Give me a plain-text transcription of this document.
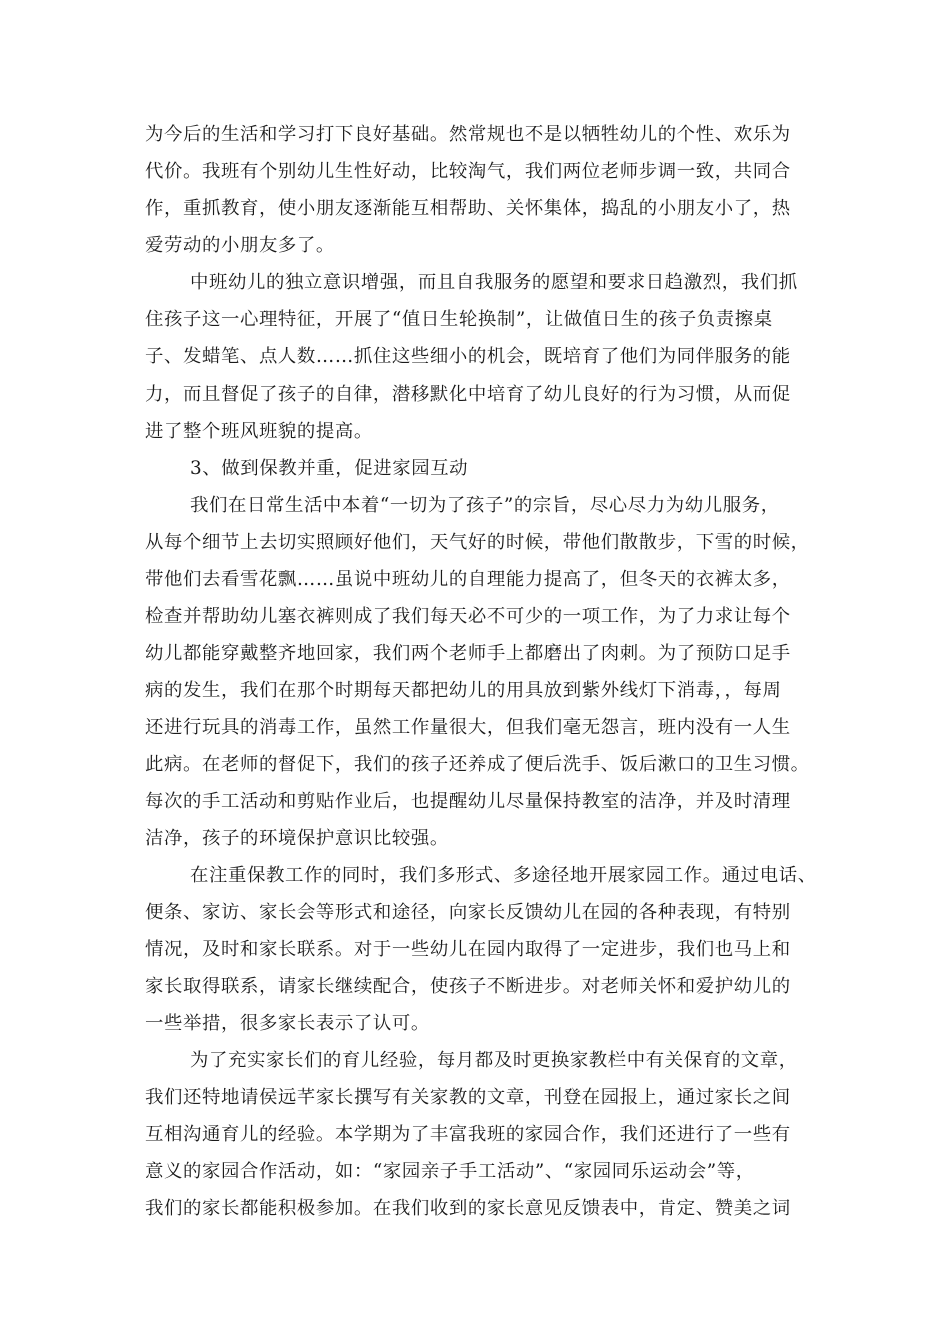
为今后的生活和学习打下良好基础。然常规也不是以牺牲幼儿的个性、欢乐为
代价。我班有个别幼儿生性好动，比较淘气，我们两位老师步调一致，共同合
作，重抓教育，使小朋友逐渐能互相帮助、关怀集体，捣乱的小朋友小了，热
爱劳动的小朋友多了。
中班幼儿的独立意识增强，而且自我服务的愿望和要求日趋激烈，我们抓
住孩子这一心理特征，开展了“值日生轮换制”，让做值日生的孩子负责擦桌
子、发蜡笔、点人数……抓住这些细小的机会，既培育了他们为同伴服务的能
力，而且督促了孩子的自律，潜移默化中培育了幼儿良好的行为习惯，从而促
进了整个班风班貌的提高。
3、做到保教并重，促进家园互动
我们在日常生活中本着“一切为了孩子”的宗旨，尽心尽力为幼儿服务，
从每个细节上去切实照顾好他们，天气好的时候，带他们散散步，下雪的时候，
带他们去看雪花飘……虽说中班幼儿的自理能力提高了，但冬天的衣裤太多，
检查并帮助幼儿塞衣裤则成了我们每天必不可少的一项工作，为了力求让每个
幼儿都能穿戴整齐地回家，我们两个老师手上都磨出了肉刺。为了预防口足手
病的发生，我们在那个时期每天都把幼儿的用具放到紫外线灯下消毒，，每周
还进行玩具的消毒工作，虽然工作量很大，但我们毫无怨言，班内没有一人生
此病。在老师的督促下，我们的孩子还养成了便后洗手、饭后漱口的卫生习惯。
每次的手工活动和剪贴作业后，也提醒幼儿尽量保持教室的洁净，并及时清理
洁净，孩子的环境保护意识比较强。
在注重保教工作的同时，我们多形式、多途径地开展家园工作。通过电话、
便条、家访、家长会等形式和途径，向家长反馈幼儿在园的各种表现，有特别
情况，及时和家长联系。对于一些幼儿在园内取得了一定进步，我们也马上和
家长取得联系，请家长继续配合，使孩子不断进步。对老师关怀和爱护幼儿的
一些举措，很多家长表示了认可。
为了充实家长们的育儿经验，每月都及时更换家教栏中有关保育的文章，
我们还特地请侯远芊家长撰写有关家教的文章，刊登在园报上，通过家长之间
互相沟通育儿的经验。本学期为了丰富我班的家园合作，我们还进行了一些有
意义的家园合作活动，如：“家园亲子手工活动”、“家园同乐运动会”等，
我们的家长都能积极参加。在我们收到的家长意见反馈表中，肯定、赞美之词
